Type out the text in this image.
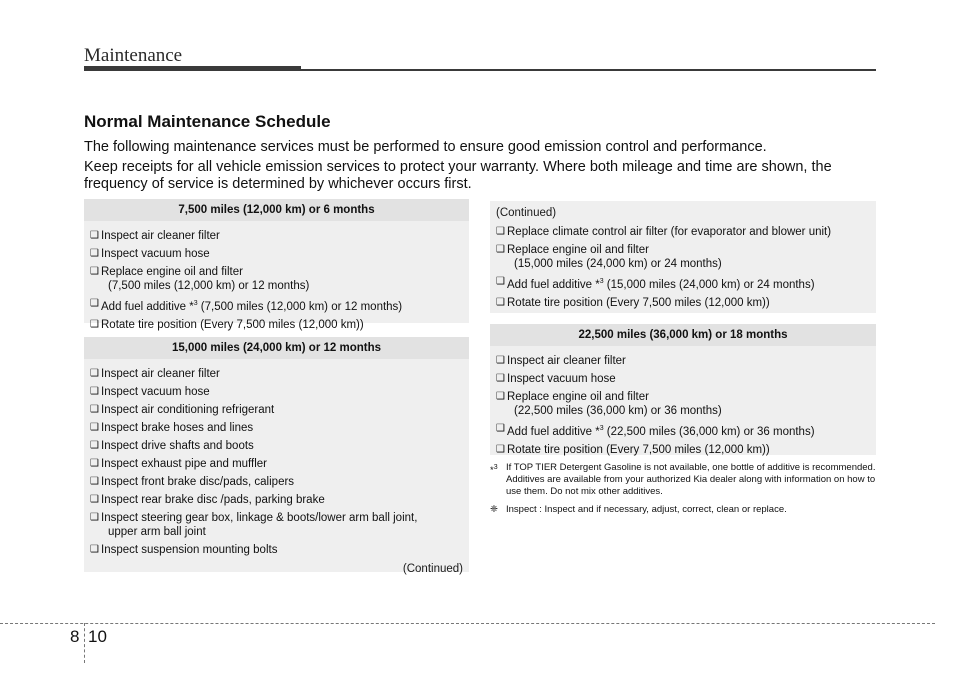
Maintenance
Normal Maintenance Schedule
The following maintenance services must be performed to ensure good emission control and performance.
Keep receipts for all vehicle emission services to protect your warranty. Where both mileage and time are shown, the frequency of service is determined by whichever occurs first.
7,500 miles (12,000 km) or 6 months
❑ Inspect air cleaner filter
❑ Inspect vacuum hose
❑ Replace engine oil and filter
(7,500 miles (12,000 km) or 12 months)
❑ Add fuel additive *$^3$ (7,500 miles (12,000 km) or 12 months)
❑ Rotate tire position (Every 7,500 miles (12,000 km))
15,000 miles (24,000 km) or 12 months
❑ Inspect air cleaner filter
❑ Inspect vacuum hose
❑ Inspect air conditioning refrigerant
❑ Inspect brake hoses and lines
❑ Inspect drive shafts and boots
❑ Inspect exhaust pipe and muffler
❑ Inspect front brake disc/pads, calipers
❑ Inspect rear brake disc /pads, parking brake
❑ Inspect steering gear box, linkage & boots/lower arm ball joint,
upper arm ball joint
❑ Inspect suspension mounting bolts
(Continued)
(Continued)
❑ Replace climate control air filter (for evaporator and blower unit)
❑ Replace engine oil and filter
(15,000 miles (24,000 km) or 24 months)
❑ Add fuel additive *$^3$ (15,000 miles (24,000 km) or 24 months)
❑ Rotate tire position (Every 7,500 miles (12,000 km))
22,500 miles (36,000 km) or 18 months
❑ Inspect air cleaner filter
❑ Inspect vacuum hose
❑ Replace engine oil and filter
(22,500 miles (36,000 km) or 36 months)
❑ Add fuel additive *$^3$ (22,500 miles (36,000 km) or 36 months)
❑ Rotate tire position (Every 7,500 miles (12,000 km))
*$^3$ If TOP TIER Detergent Gasoline is not available, one bottle of additive is recommended. Additives are available from your authorized Kia dealer along with information on how to use them. Do not mix other additives.
❈ Inspect : Inspect and if necessary, adjust, correct, clean or replace.
8 10
